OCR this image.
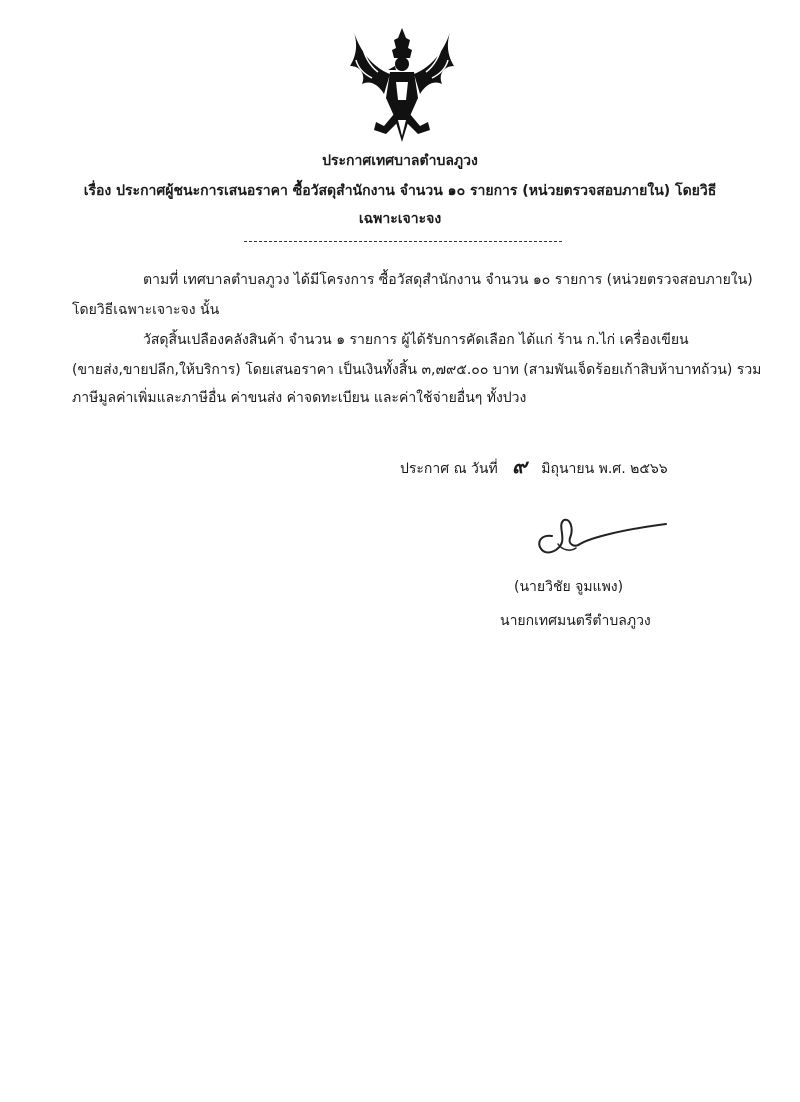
ประกาศเทศบาลตำบลภูวง
เรื่อง ประกาศผู้ชนะการเสนอราคา ซื้อวัสดุสำนักงาน จำนวน ๑๐ รายการ (หน่วยตรวจสอบภายใน) โดยวิธี
เฉพาะเจาะจง
ตามที่ เทศบาลตำบลภูวง ได้มีโครงการ ซื้อวัสดุสำนักงาน จำนวน ๑๐ รายการ (หน่วยตรวจสอบภายใน)
โดยวิธีเฉพาะเจาะจง นั้น
วัสดุสิ้นเปลืองคลังสินค้า จำนวน ๑ รายการ ผู้ได้รับการคัดเลือก ได้แก่ ร้าน ก.ไก่ เครื่องเขียน
(ขายส่ง,ขายปลีก,ให้บริการ) โดยเสนอราคา เป็นเงินทั้งสิ้น ๓,๗๙๕.๐๐ บาท (สามพันเจ็ดร้อยเก้าสิบห้าบาทถ้วน) รวม
ภาษีมูลค่าเพิ่มและภาษีอื่น ค่าขนส่ง ค่าจดทะเบียน และค่าใช้จ่ายอื่นๆ ทั้งปวง
ประกาศ ณ วันที่ ๙ มิถุนายน พ.ศ. ๒๕๖๖
(นายวิชัย จูมแพง)
นายกเทศมนตรีตำบลภูวง
